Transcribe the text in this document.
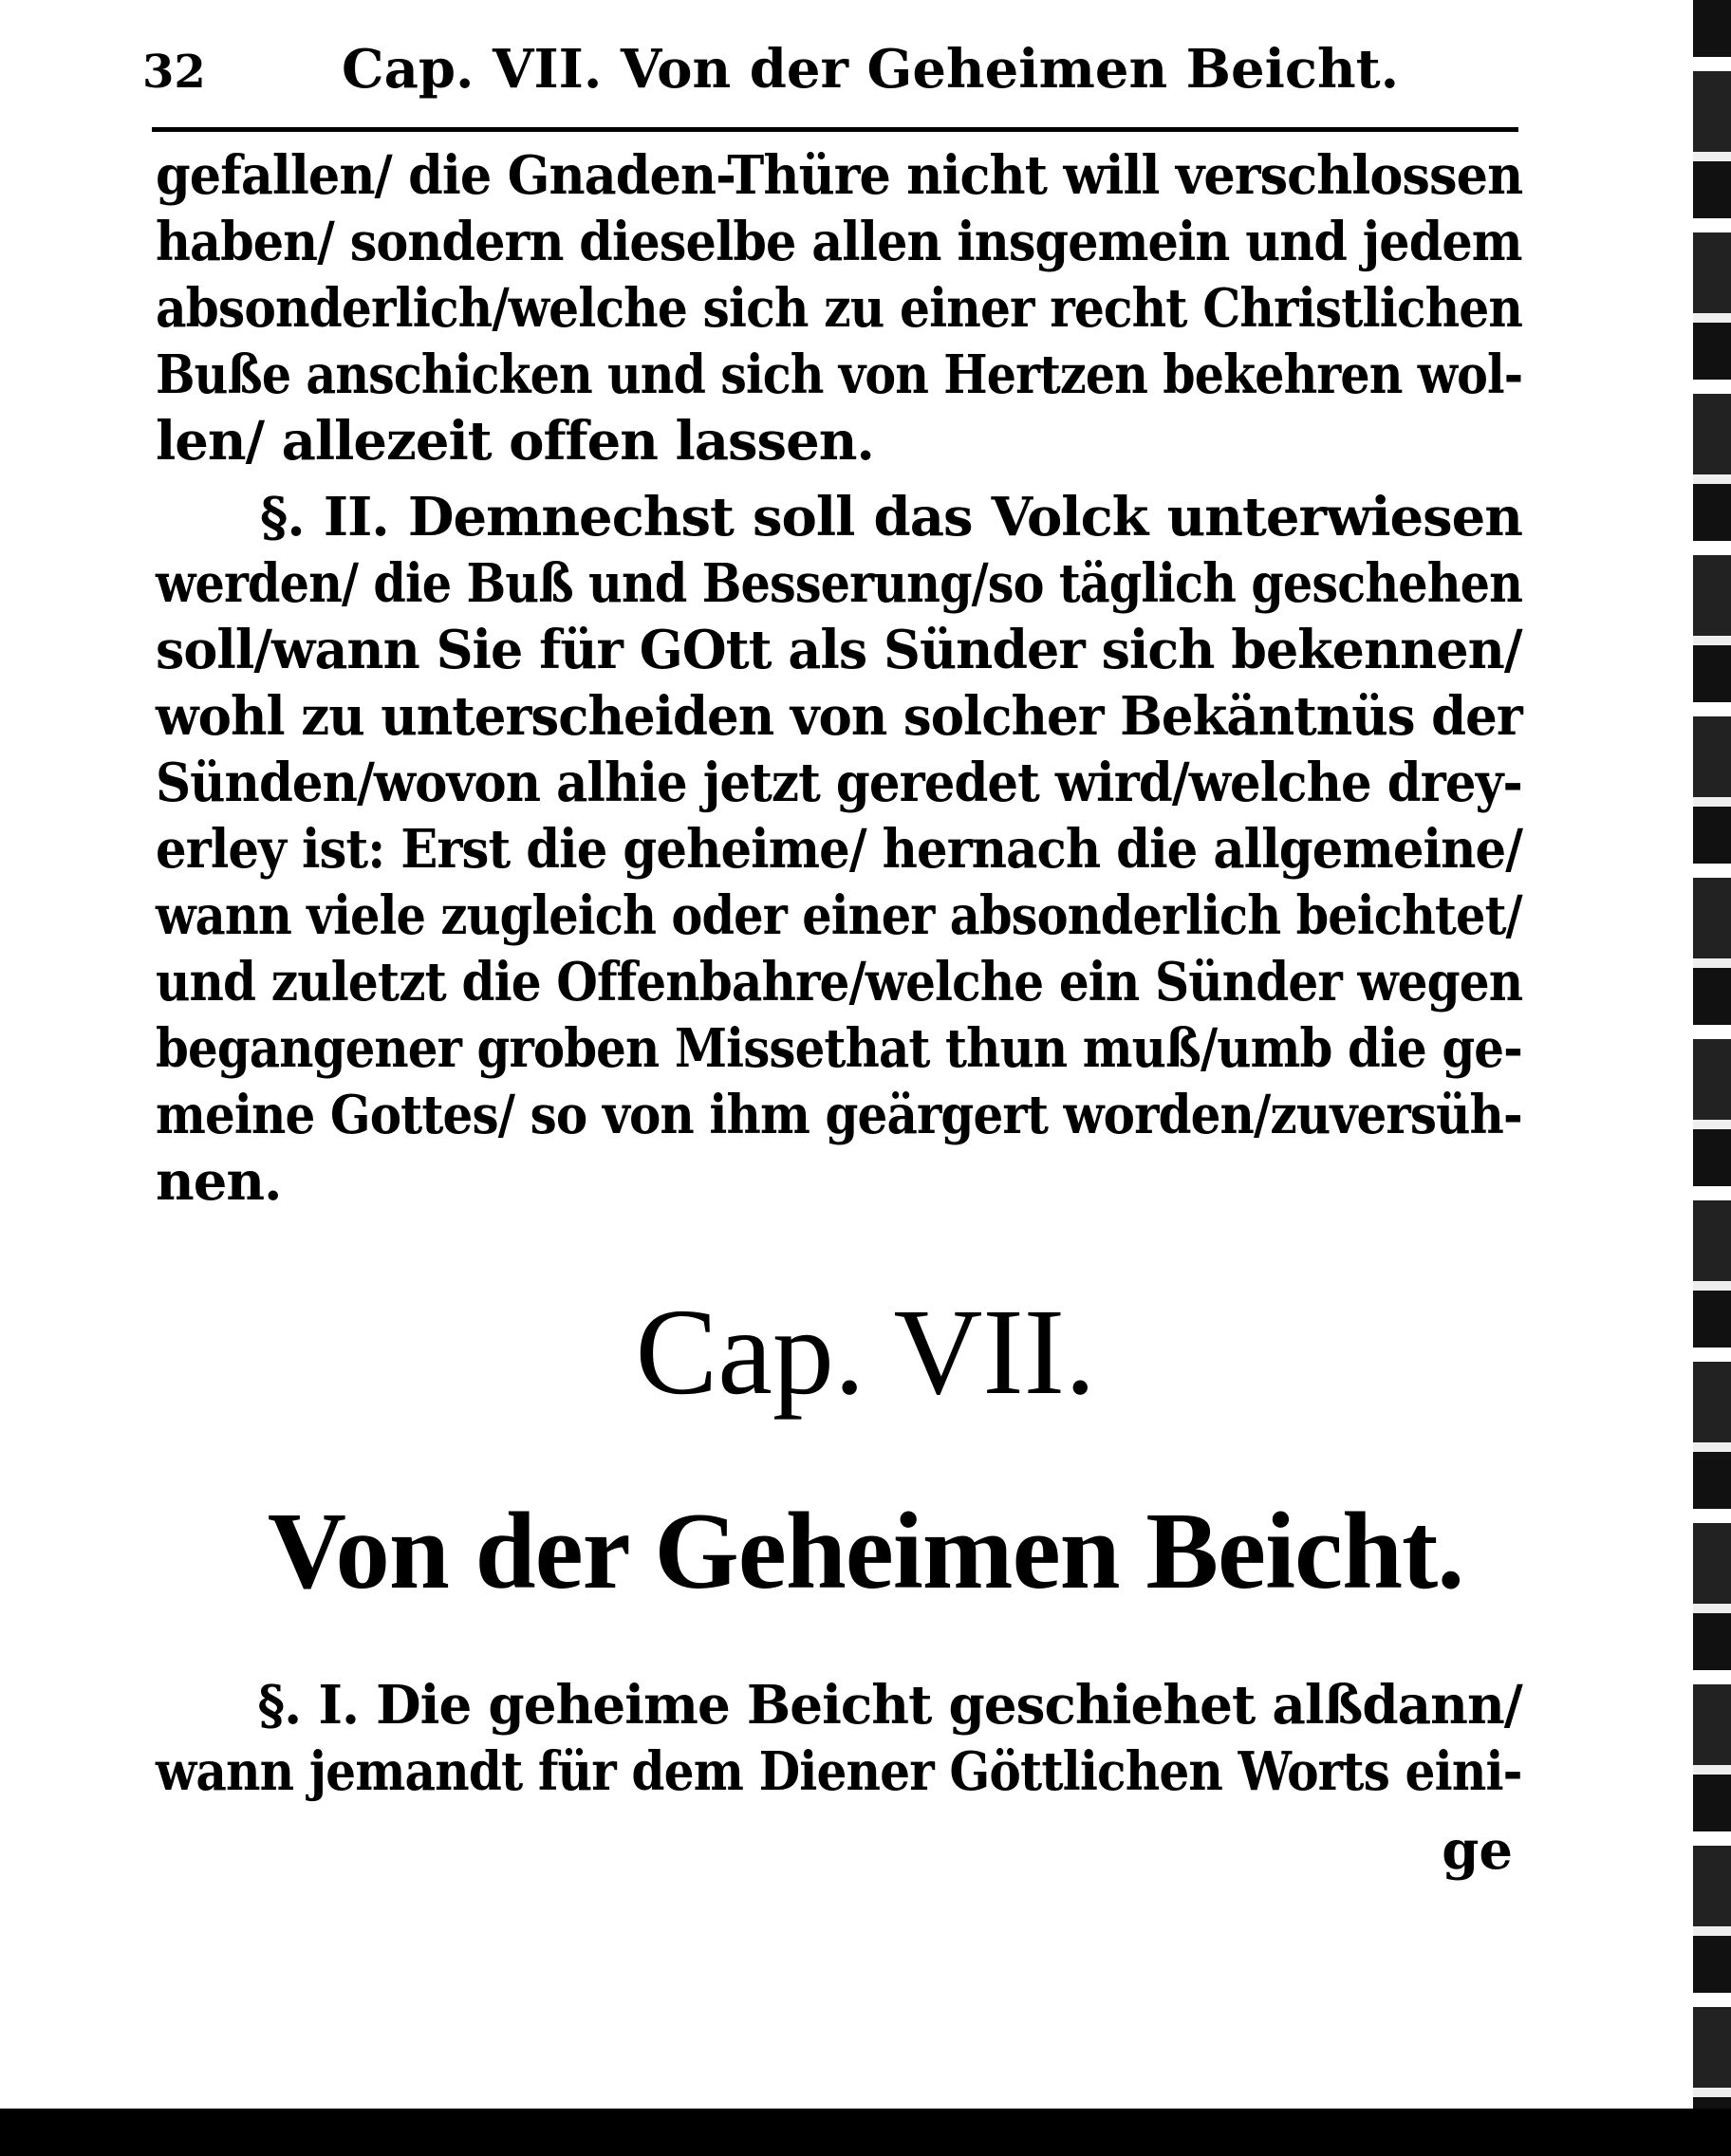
32	Cap. VII. Von der Geheimen Beicht.
gefallen/ die Gnaden-Thüre nicht will verschlossen
haben/ sondern dieselbe allen insgemein und jedem
absonderlich/welche sich zu einer recht Christlichen
Buße anschicken und sich von Hertzen bekehren wol-
len/ allezeit offen lassen.
§. II. Demnechst soll das Volck unterwiesen
werden/ die Buß und Besserung/so täglich geschehen
soll/wann Sie für GOtt als Sünder sich bekennen/
wohl zu unterscheiden von solcher Bekäntnüs der
Sünden/wovon alhie jetzt geredet wird/welche drey-
erley ist: Erst die geheime/ hernach die allgemeine/
wann viele zugleich oder einer absonderlich beichtet/
und zuletzt die Offenbahre/welche ein Sünder wegen
begangener groben Missethat thun muß/umb die ge-
meine Gottes/ so von ihm geärgert worden/zuversüh-
nen.
Cap. VII.
Von der Geheimen Beicht.
§. I. Die geheime Beicht geschiehet alßdann/
wann jemandt für dem Diener Göttlichen Worts eini-
ge
